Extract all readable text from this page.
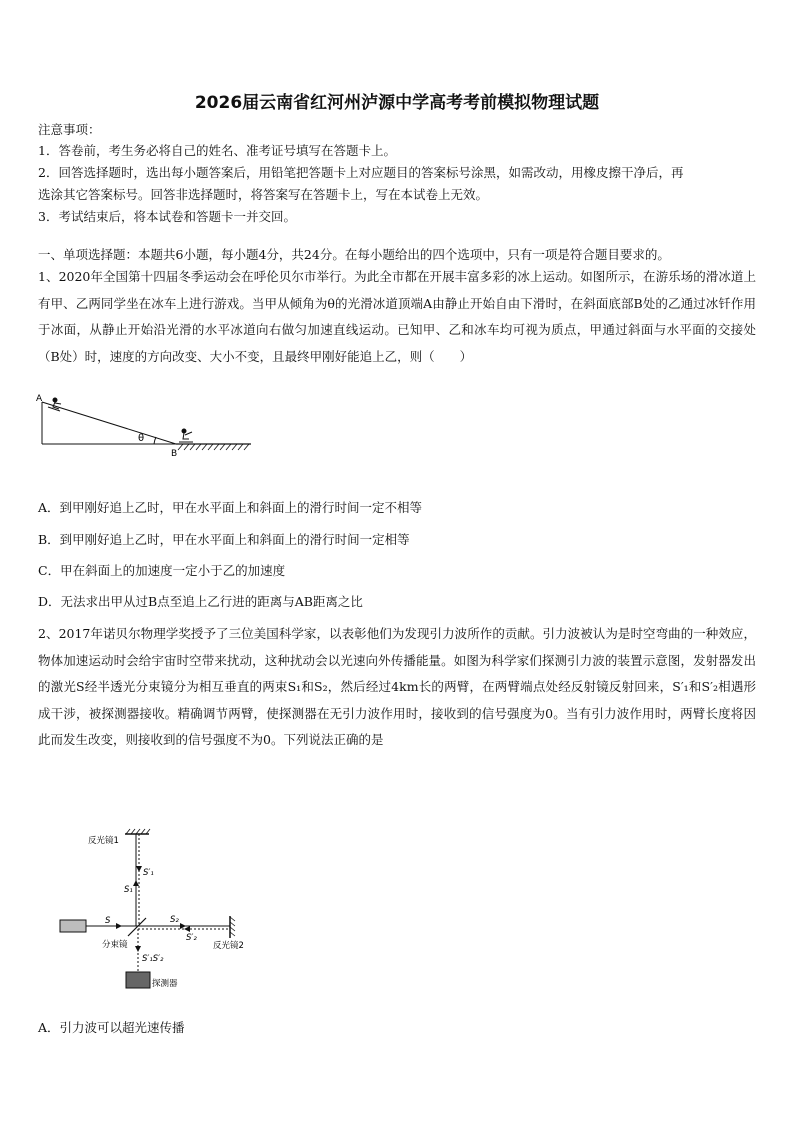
2026届云南省红河州泸源中学高考考前模拟物理试题
注意事项：
1．答卷前，考生务必将自己的姓名、准考证号填写在答题卡上。
2．回答选择题时，选出每小题答案后，用铅笔把答题卡上对应题目的答案标号涂黑，如需改动，用橡皮擦干净后，再
选涂其它答案标号。回答非选择题时，将答案写在答题卡上，写在本试卷上无效。
3．考试结束后，将本试卷和答题卡一并交回。
一、单项选择题：本题共6小题，每小题4分，共24分。在每小题给出的四个选项中，只有一项是符合题目要求的。
1、2020年全国第十四届冬季运动会在呼伦贝尔市举行。为此全市都在开展丰富多彩的冰上运动。如图所示，在游乐场的滑冰道上有甲、乙两同学坐在冰车上进行游戏。当甲从倾角为θ的光滑冰道顶端A由静止开始自由下滑时，在斜面底部B处的乙通过冰钎作用于冰面，从静止开始沿光滑的水平冰道向右做匀加速直线运动。已知甲、乙和冰车均可视为质点，甲通过斜面与水平面的交接处（B处）时，速度的方向改变、大小不变，且最终甲刚好能追上乙，则（　　）
A
B
θ
A．到甲刚好追上乙时，甲在水平面上和斜面上的滑行时间一定不相等
B．到甲刚好追上乙时，甲在水平面上和斜面上的滑行时间一定相等
C．甲在斜面上的加速度一定小于乙的加速度
D．无法求出甲从过B点至追上乙行进的距离与AB距离之比
2、2017年诺贝尔物理学奖授予了三位美国科学家，以表彰他们为发现引力波所作的贡献。引力波被认为是时空弯曲的一种效应，物体加速运动时会给宇宙时空带来扰动，这种扰动会以光速向外传播能量。如图为科学家们探测引力波的装置示意图，发射器发出的激光S经半透光分束镜分为相互垂直的两束S₁和S₂，然后经过4km长的两臂，在两臂端点处经反射镜反射回来，S′₁和S′₂相遇形成干涉，被探测器接收。精确调节两臂，使探测器在无引力波作用时，接收到的信号强度为0。当有引力波作用时，两臂长度将因此而发生改变，则接收到的信号强度不为0。下列说法正确的是
反光镜1
反光镜2
分束镜
探测器
S
S′₁
S₁
S₂
S′₂
S′₁S′₂
A．引力波可以超光速传播
